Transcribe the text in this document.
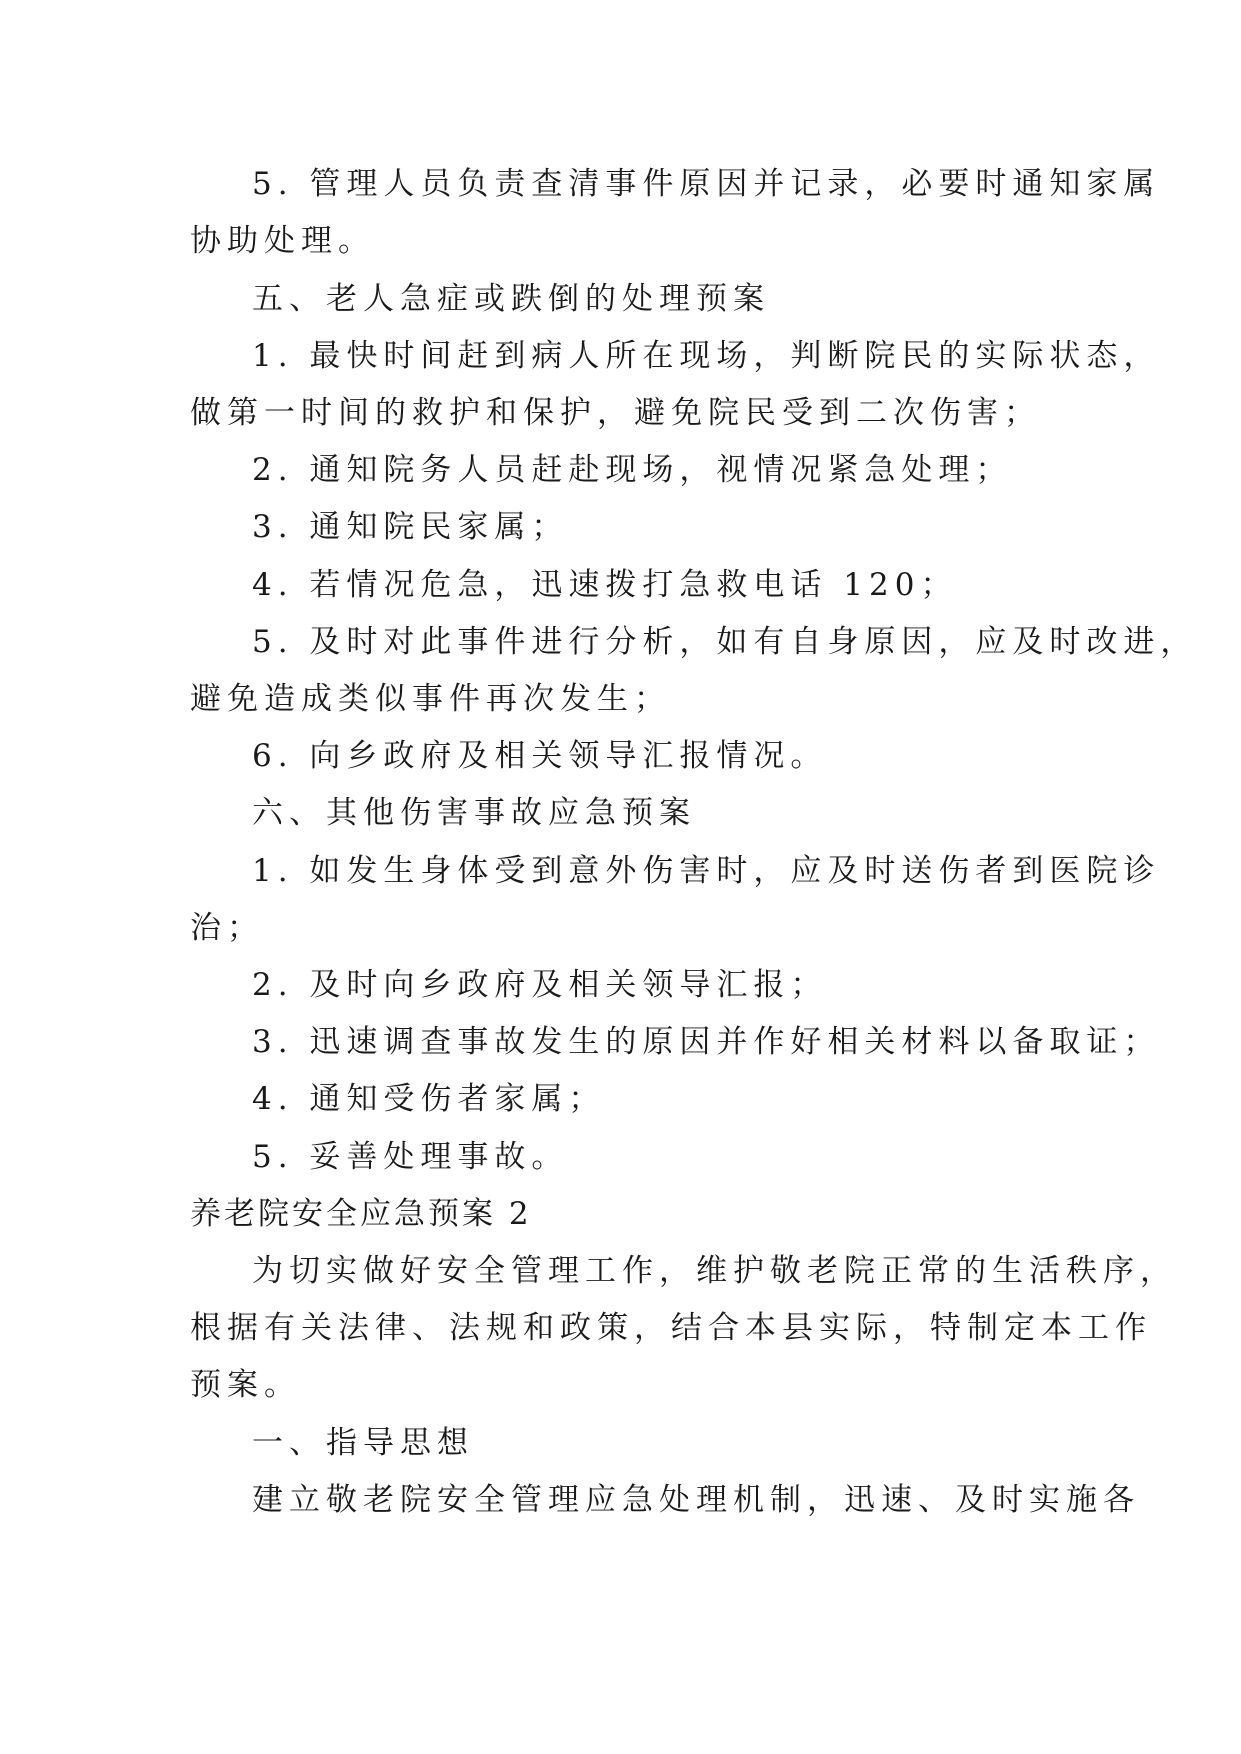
5. 管理人员负责查清事件原因并记录，必要时通知家属
协助处理。
五、老人急症或跌倒的处理预案
1. 最快时间赶到病人所在现场，判断院民的实际状态，
做第一时间的救护和保护，避免院民受到二次伤害；
2. 通知院务人员赶赴现场，视情况紧急处理；
3. 通知院民家属；
4. 若情况危急，迅速拨打急救电话 120；
5. 及时对此事件进行分析，如有自身原因，应及时改进，
避免造成类似事件再次发生；
6. 向乡政府及相关领导汇报情况。
六、其他伤害事故应急预案
1. 如发生身体受到意外伤害时，应及时送伤者到医院诊
治；
2. 及时向乡政府及相关领导汇报；
3. 迅速调查事故发生的原因并作好相关材料以备取证；
4. 通知受伤者家属；
5. 妥善处理事故。
养老院安全应急预案 2
为切实做好安全管理工作，维护敬老院正常的生活秩序，
根据有关法律、法规和政策，结合本县实际，特制定本工作
预案。
一、指导思想
建立敬老院安全管理应急处理机制，迅速、及时实施各
